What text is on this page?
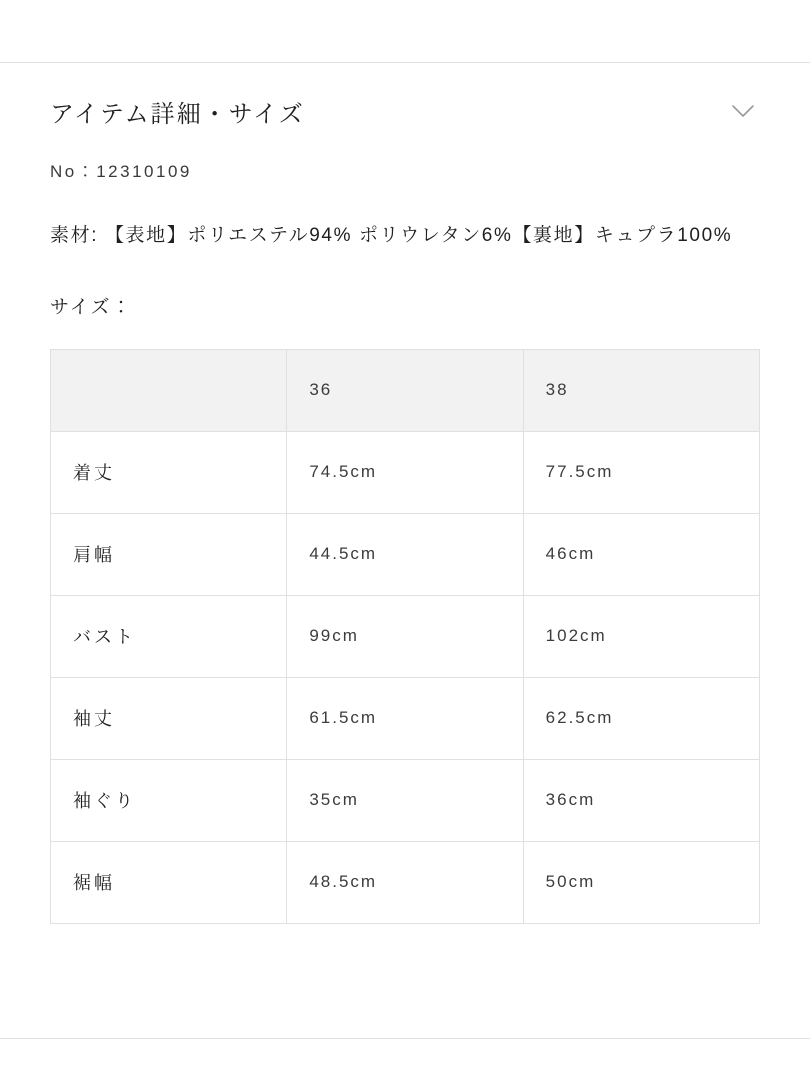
アイテム詳細・サイズ

No：12310109

素材: 【表地】ポリエステル94% ポリウレタン6%【裏地】キュプラ100%

サイズ：

	36	38
着丈	74.5cm	77.5cm
肩幅	44.5cm	46cm
バスト	99cm	102cm
袖丈	61.5cm	62.5cm
袖ぐり	35cm	36cm
裾幅	48.5cm	50cm
